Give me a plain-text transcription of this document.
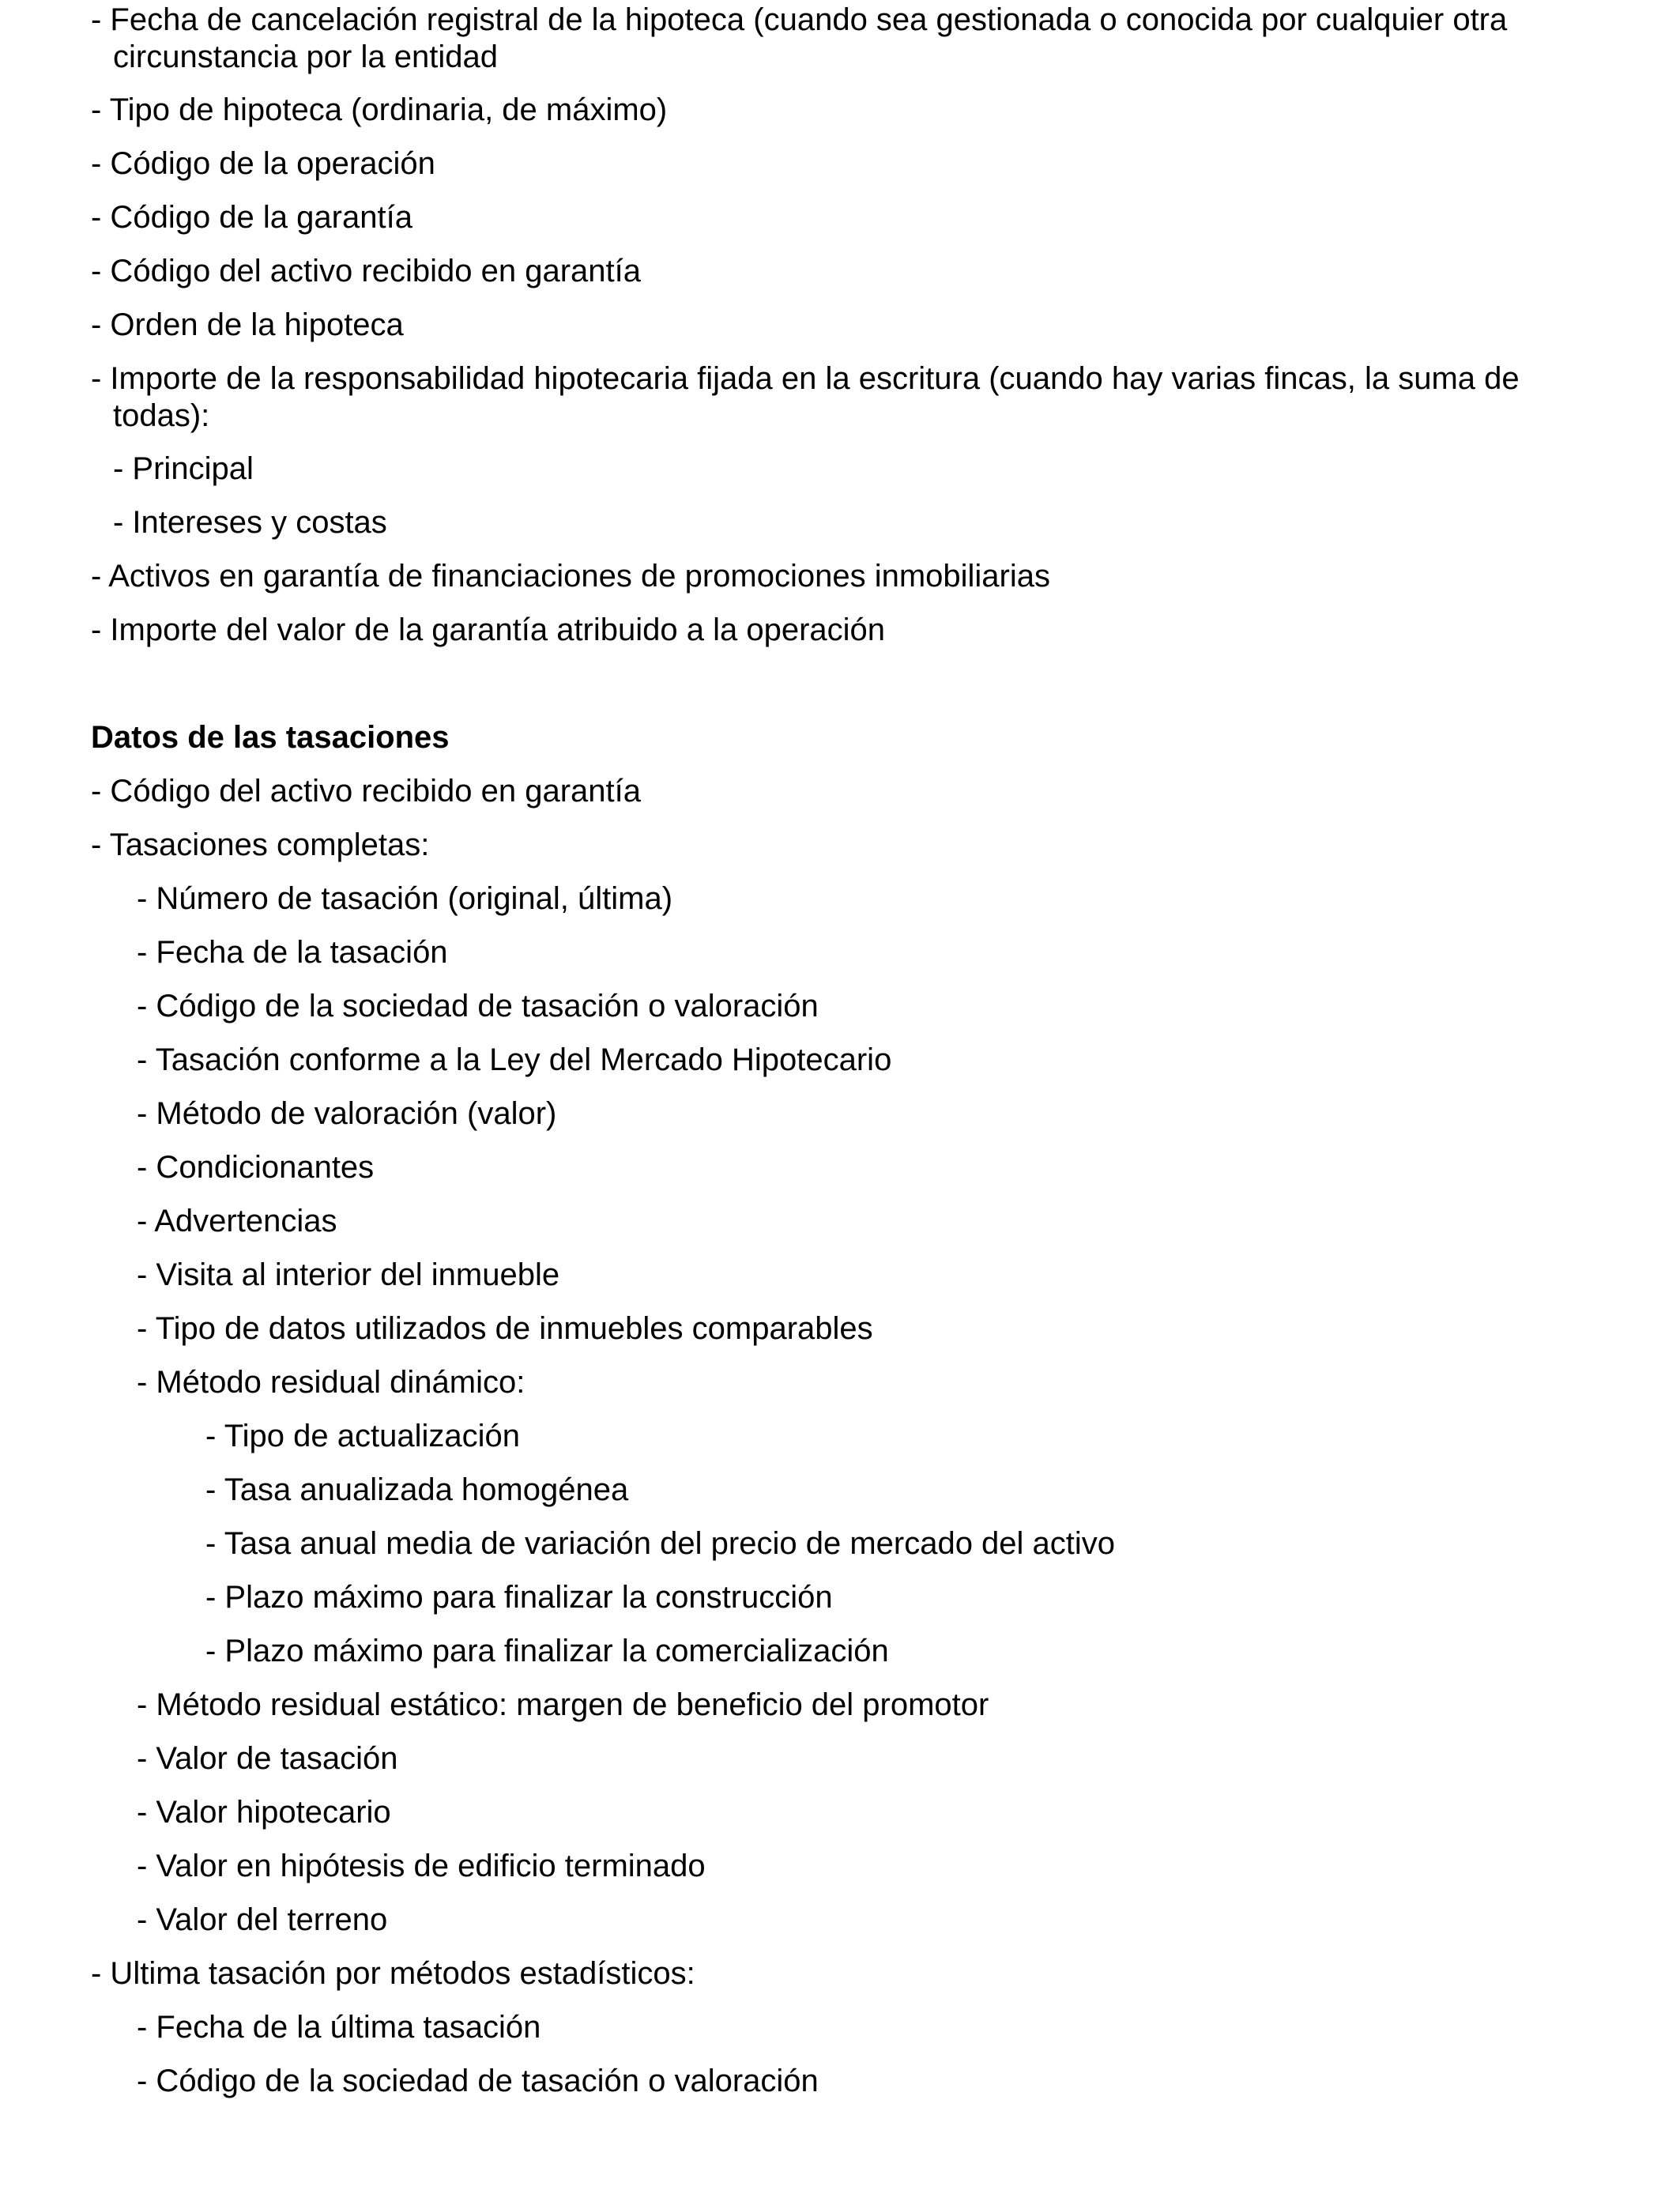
- Fecha de cancelación registral de la hipoteca (cuando sea gestionada o conocida por cualquier otra
circunstancia por la entidad
- Tipo de hipoteca (ordinaria, de máximo)
- Código de la operación
- Código de la garantía
- Código del activo recibido en garantía
- Orden de la hipoteca
- Importe de la responsabilidad hipotecaria fijada en la escritura (cuando hay varias fincas, la suma de
todas):
- Principal
- Intereses y costas
- Activos en garantía de financiaciones de promociones inmobiliarias
- Importe del valor de la garantía atribuido a la operación
Datos de las tasaciones
- Código del activo recibido en garantía
- Tasaciones completas:
- Número de tasación (original, última)
- Fecha de la tasación
- Código de la sociedad de tasación o valoración
- Tasación conforme a la Ley del Mercado Hipotecario
- Método de valoración (valor)
- Condicionantes
- Advertencias
- Visita al interior del inmueble
- Tipo de datos utilizados de inmuebles comparables
- Método residual dinámico:
- Tipo de actualización
- Tasa anualizada homogénea
- Tasa anual media de variación del precio de mercado del activo
- Plazo máximo para finalizar la construcción
- Plazo máximo para finalizar la comercialización
- Método residual estático: margen de beneficio del promotor
- Valor de tasación
- Valor hipotecario
- Valor en hipótesis de edificio terminado
- Valor del terreno
- Ultima tasación por métodos estadísticos:
- Fecha de la última tasación
- Código de la sociedad de tasación o valoración
